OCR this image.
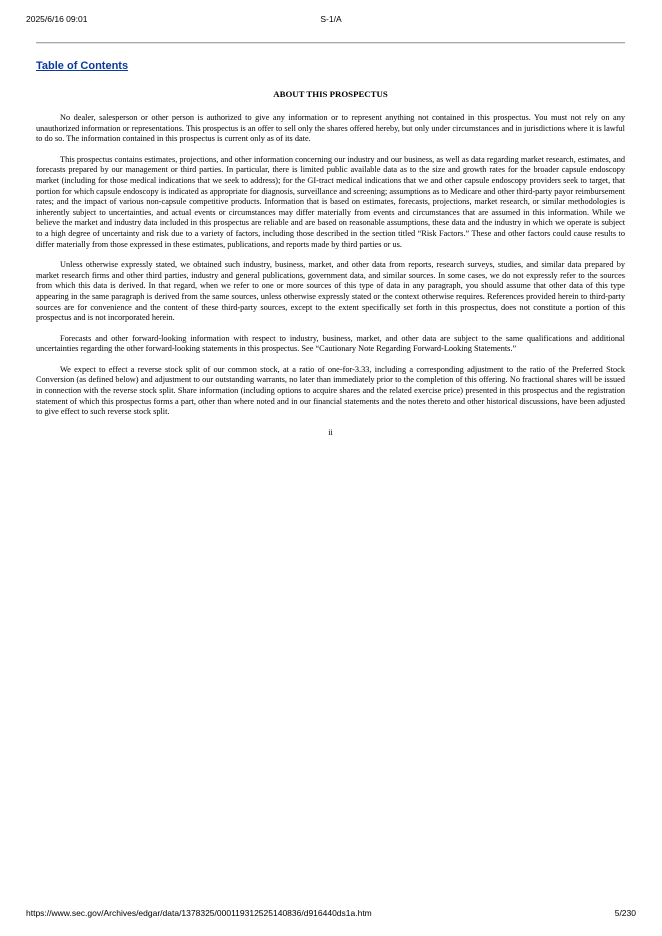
2025/6/16 09:01	S-1/A
Table of Contents
ABOUT THIS PROSPECTUS

No dealer, salesperson or other person is authorized to give any information or to represent anything not contained in this prospectus. You must not rely on any unauthorized information or representations. This prospectus is an offer to sell only the shares offered hereby, but only under circumstances and in jurisdictions where it is lawful to do so. The information contained in this prospectus is current only as of its date.

This prospectus contains estimates, projections, and other information concerning our industry and our business, as well as data regarding market research, estimates, and forecasts prepared by our management or third parties. In particular, there is limited public available data as to the size and growth rates for the broader capsule endoscopy market (including for those medical indications that we seek to address); for the GI-tract medical indications that we and other capsule endoscopy providers seek to target, that portion for which capsule endoscopy is indicated as appropriate for diagnosis, surveillance and screening; assumptions as to Medicare and other third-party payor reimbursement rates; and the impact of various non-capsule competitive products. Information that is based on estimates, forecasts, projections, market research, or similar methodologies is inherently subject to uncertainties, and actual events or circumstances may differ materially from events and circumstances that are assumed in this information. While we believe the market and industry data included in this prospectus are reliable and are based on reasonable assumptions, these data and the industry in which we operate is subject to a high degree of uncertainty and risk due to a variety of factors, including those described in the section titled “Risk Factors.” These and other factors could cause results to differ materially from those expressed in these estimates, publications, and reports made by third parties or us.

Unless otherwise expressly stated, we obtained such industry, business, market, and other data from reports, research surveys, studies, and similar data prepared by market research firms and other third parties, industry and general publications, government data, and similar sources. In some cases, we do not expressly refer to the sources from which this data is derived. In that regard, when we refer to one or more sources of this type of data in any paragraph, you should assume that other data of this type appearing in the same paragraph is derived from the same sources, unless otherwise expressly stated or the context otherwise requires. References provided herein to third-party sources are for convenience and the content of these third-party sources, except to the extent specifically set forth in this prospectus, does not constitute a portion of this prospectus and is not incorporated herein.

Forecasts and other forward-looking information with respect to industry, business, market, and other data are subject to the same qualifications and additional uncertainties regarding the other forward-looking statements in this prospectus. See “Cautionary Note Regarding Forward-Looking Statements.”

We expect to effect a reverse stock split of our common stock, at a ratio of one-for-3.33, including a corresponding adjustment to the ratio of the Preferred Stock Conversion (as defined below) and adjustment to our outstanding warrants, no later than immediately prior to the completion of this offering. No fractional shares will be issued in connection with the reverse stock split. Share information (including options to acquire shares and the related exercise price) presented in this prospectus and the registration statement of which this prospectus forms a part, other than where noted and in our financial statements and the notes thereto and other historical discussions, have been adjusted to give effect to such reverse stock split.

ii
https://www.sec.gov/Archives/edgar/data/1378325/000119312525140836/d916440ds1a.htm	5/230
